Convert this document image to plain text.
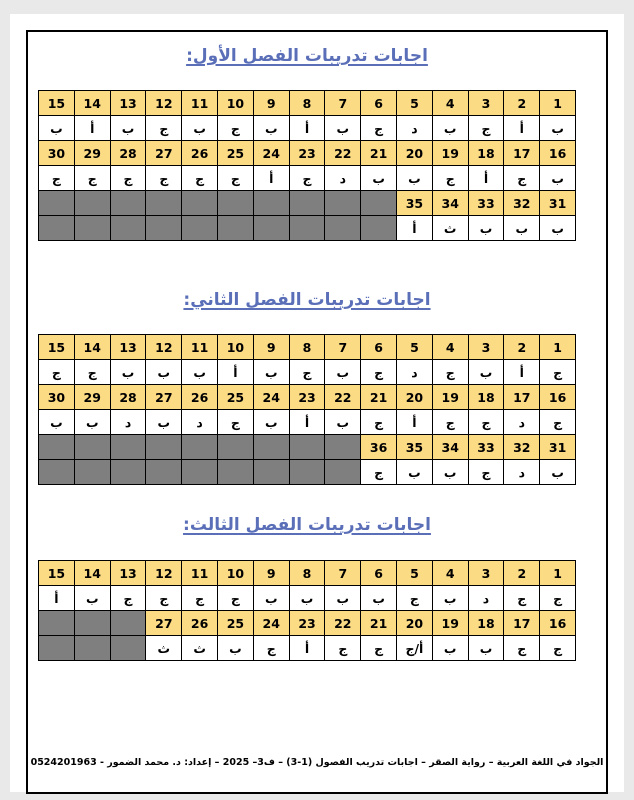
اجابات تدريبات الفصل الأول:
1	2	3	4	5	6	7	8	9	10	11	12	13	14	15
ب	أ	ج	ب	د	ج	ب	أ	ب	ج	ب	ج	ب	أ	ب
16	17	18	19	20	21	22	23	24	25	26	27	28	29	30
ب	ج	أ	ج	ب	ب	د	ج	أ	ج	ج	ج	ج	ج	ج
31	32	33	34	35										
ب	ب	ب	ث	أ										
اجابات تدريبات الفصل الثاني:
1	2	3	4	5	6	7	8	9	10	11	12	13	14	15
ج	أ	ب	ج	د	ج	ب	ج	ب	أ	ب	ب	ب	ج	ج
16	17	18	19	20	21	22	23	24	25	26	27	28	29	30
ج	د	ج	ج	أ	ج	ب	أ	ب	ج	د	ب	د	ب	ب
31	32	33	34	35	36									
ب	د	ج	ب	ب	ج									
اجابات تدريبات الفصل الثالث:
1	2	3	4	5	6	7	8	9	10	11	12	13	14	15
ج	ج	د	ب	ج	ب	ب	ب	ب	ج	ج	ج	ج	ب	أ
16	17	18	19	20	21	22	23	24	25	26	27			
ج	ج	ب	ب	أ/ج	ج	ج	أ	ج	ب	ث	ث			
الجواد في اللغة العربية – رواية الصقر – اجابات تدريب الفصول (1-3) – ف3– 2025 – إعداد: د. محمد الضمور - 0524201963
